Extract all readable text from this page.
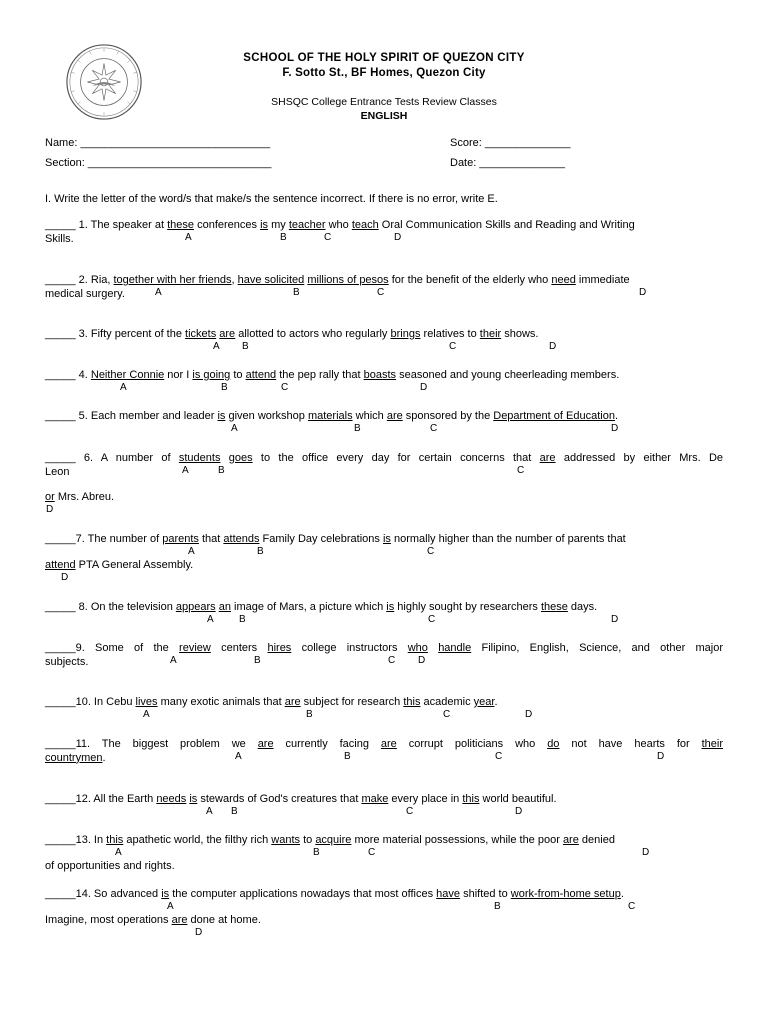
SCHOOL OF THE HOLY SPIRIT OF QUEZON CITY
F. Sotto St., BF Homes, Quezon City
SHSQC College Entrance Tests Review Classes
ENGLISH
Name: _______________________________
Section: ______________________________
Score: ______________
Date: ______________
I. Write the letter of the word/s that make/s the sentence incorrect. If there is no error, write E.
_____ 1. The speaker at these conferences is my teacher who teach Oral Communication Skills and Reading and Writing
A	B	C	D
Skills.
_____ 2. Ria, together with her friends, have solicited millions of pesos for the benefit of the elderly who need immediate
A	B	C	D
medical surgery.
_____ 3. Fifty percent of the tickets are allotted to actors who regularly brings relatives to their shows.
A B	C	D
_____ 4. Neither Connie nor I is going to attend the pep rally that boasts seasoned and young cheerleading members.
A	B	C	D
_____ 5. Each member and leader is given workshop materials which are sponsored by the Department of Education.
A	B	C	D
_____ 6. A number of students goes to the office every day for certain concerns that are addressed by either Mrs. De
A	B	C
Leon
or Mrs. Abreu.
D
_____7. The number of parents that attends Family Day celebrations is normally higher than the number of parents that
A	B	C
attend PTA General Assembly.
D
_____ 8. On the television appears an image of Mars, a picture which is highly sought by researchers these days.
A	B	C	D
_____9. Some of the review centers hires college instructors who handle Filipino, English, Science, and other major
A	B	C D
subjects.
_____10. In Cebu lives many exotic animals that are subject for research this academic year.
A	B	C	D
_____11. The biggest problem we are currently facing are corrupt politicians who do not have hearts for their
A	B	C	D
countrymen.
_____12. All the Earth needs is stewards of God's creatures that make every place in this world beautiful.
A B	C	D
_____13. In this apathetic world, the filthy rich wants to acquire more material possessions, while the poor are denied
A	B	C	D
of opportunities and rights.
_____14. So advanced is the computer applications nowadays that most offices have shifted to work-from-home setup.
A	B	C
Imagine, most operations are done at home.
D
